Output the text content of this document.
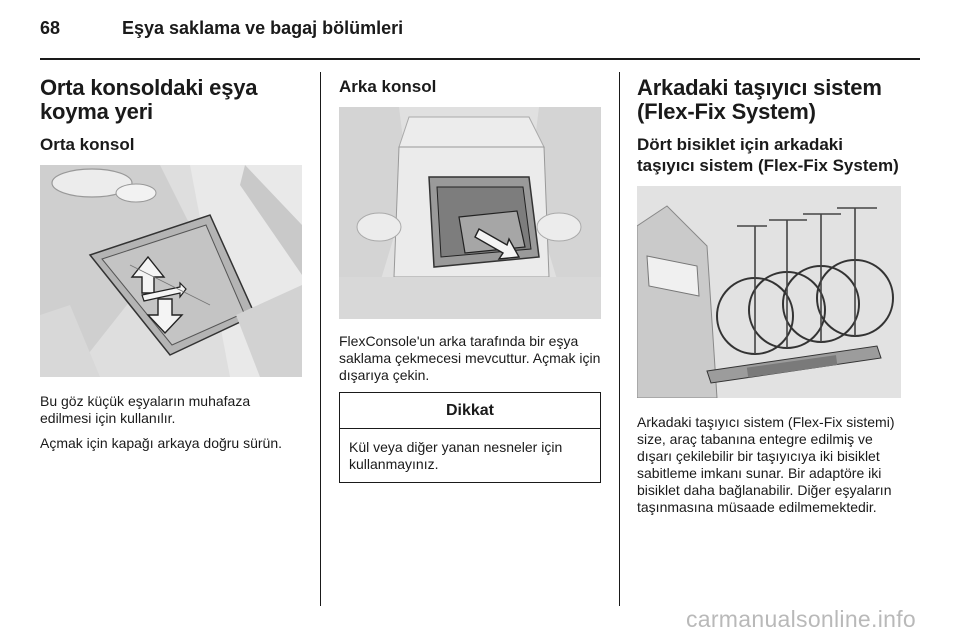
68	Eşya saklama ve bagaj bölümleri
Orta konsoldaki eşya koyma yeri
Orta konsol

Bu göz küçük eşyaların muhafaza edilmesi için kullanılır.

Açmak için kapağı arkaya doğru sürün.

Arka konsol

FlexConsole'un arka tarafında bir eşya saklama çekmecesi mevcuttur. Açmak için dışarıya çekin.

Dikkat
Kül veya diğer yanan nesneler için kullanmayınız.
Arkadaki taşıyıcı sistem (Flex-Fix System)
Dört bisiklet için arkadaki taşıyıcı sistem (Flex-Fix System)

Arkadaki taşıyıcı sistem (Flex-Fix sistemi) size, araç tabanına entegre edilmiş ve dışarı çekilebilir bir taşıyıcıya iki bisiklet sabitleme imkanı sunar. Bir adaptöre iki bisiklet daha bağlanabilir. Diğer eşyaların taşınmasına müsaade edilmemektedir.

carmanualsonline.info
